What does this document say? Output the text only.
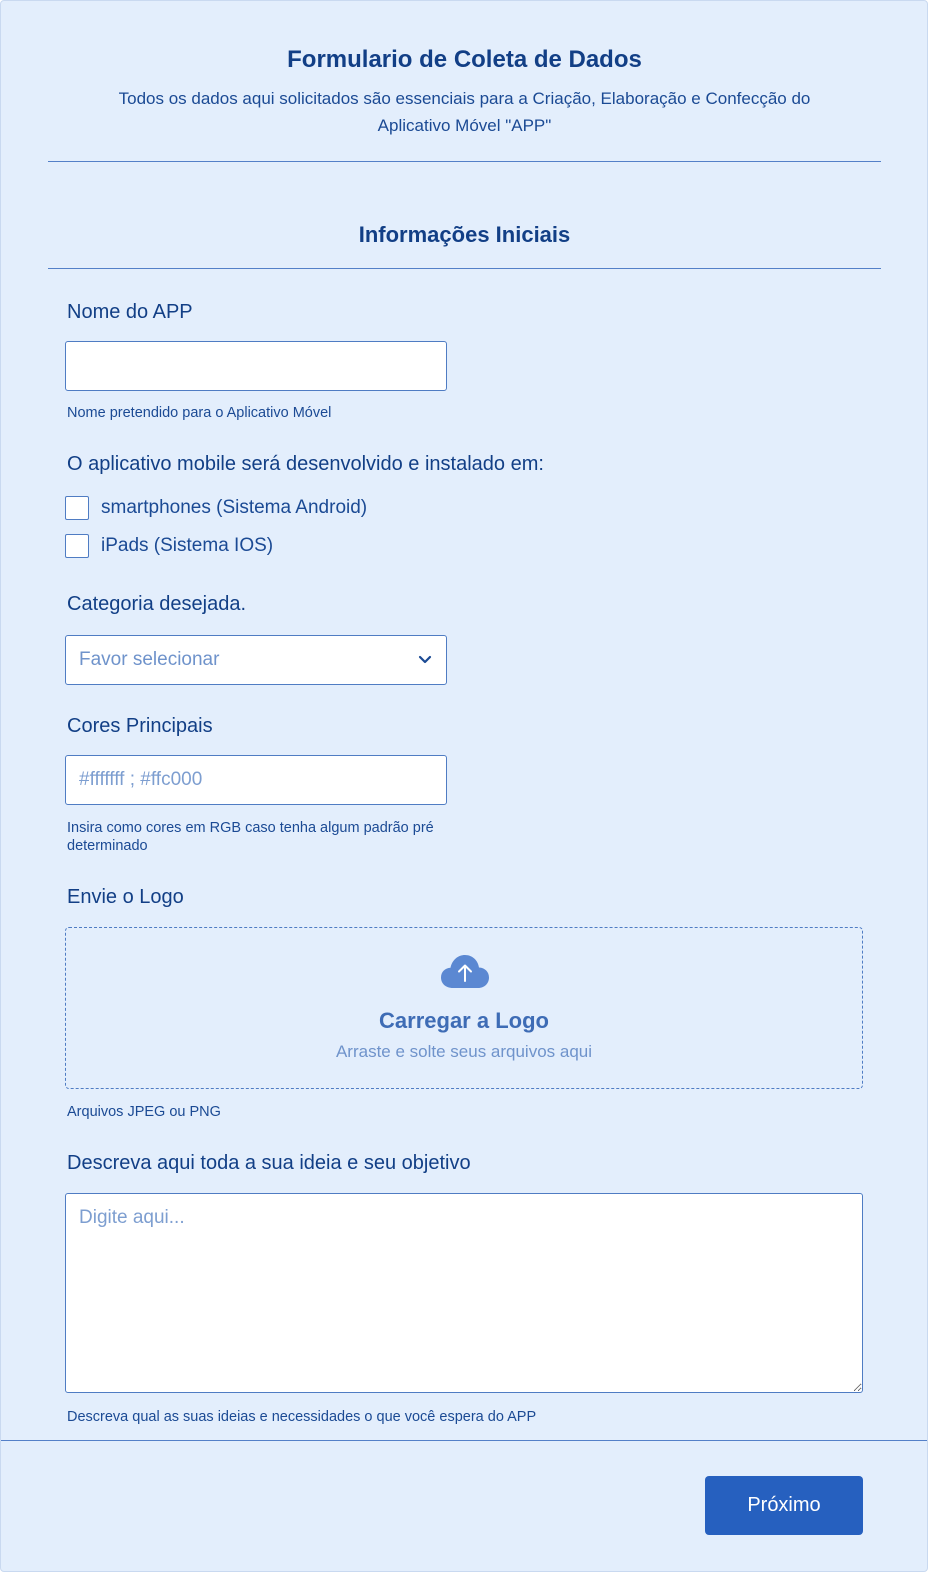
Formulario de Coleta de Dados

Todos os dados aqui solicitados são essenciais para a Criação, Elaboração e Confecção do Aplicativo Móvel "APP"

Informações Iniciais
Nome do APP
Nome pretendido para o Aplicativo Móvel
O aplicativo mobile será desenvolvido e instalado em:
smartphones (Sistema Android)
iPads (Sistema IOS)
Categoria desejada.
Favor selecionar
Cores Principais
#fffffff ; #ffc000
Insira como cores em RGB caso tenha algum padrão pré determinado
Envie o Logo
Carregar a Logo
Arraste e solte seus arquivos aqui
Arquivos JPEG ou PNG
Descreva aqui toda a sua ideia e seu objetivo
Digite aqui...
Descreva qual as suas ideias e necessidades o que você espera do APP
Próximo
